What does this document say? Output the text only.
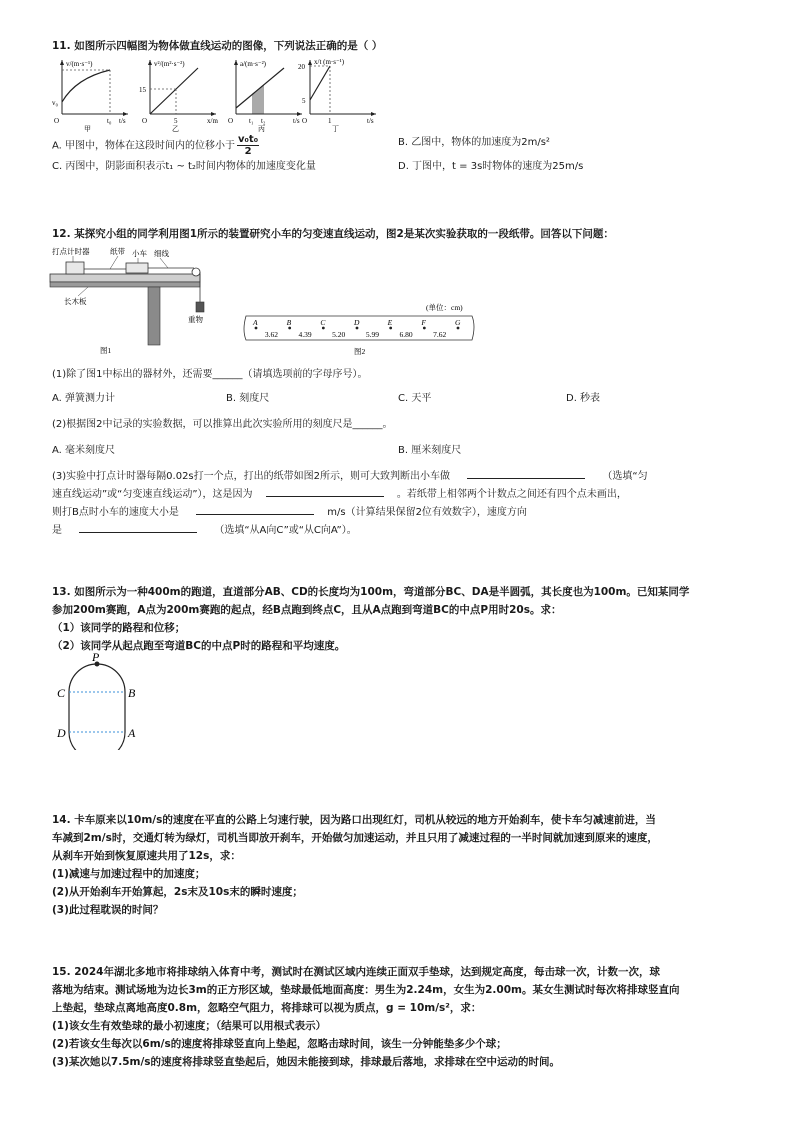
11. 如图所示四幅图为物体做直线运动的图像，下列说法正确的是（ ）
v/(m·s⁻¹)
v₀
t₀ t/s
O
甲
v²/(m²·s⁻²)
15
5	x/m
O
乙
a/(m·s⁻²)
t₁ t₂	t/s
O
丙
x/t (m·s⁻¹)
20
5
1	t/s
O
丁
A. 甲图中，物体在这段时间内的位移小于 $\frac{\text{v₀t₀}}{2}$	B. 乙图中，物体的加速度为2m/s²
C. 丙图中，阴影面积表示t₁ ~ t₂时间内物体的加速度变化量	D. 丁图中，t = 3s时物体的速度为25m/s
12. 某探究小组的同学利用图1所示的装置研究小车的匀变速直线运动，图2是某次实验获取的一段纸带。回答以下问题：
打点计时器	纸带 小车 细线
长木板
重物
图1
(单位：cm)
A	B	C	D	E	F	G
3.62	4.39	5.20	5.99	6.80	7.62
图2
(1)除了图1中标出的器材外，还需要______（请填选项前的字母序号）。
A. 弹簧测力计	B. 刻度尺	C. 天平	D. 秒表
(2)根据图2中记录的实验数据，可以推算出此次实验所用的刻度尺是______。
A. 毫米刻度尺	B. 厘米刻度尺
(3)实验中打点计时器每隔0.02s打一个点，打出的纸带如图2所示，则可大致判断出小车做	（选填“匀
速直线运动”或“匀变速直线运动”），这是因为	。若纸带上相邻两个计数点之间还有四个点未画出，
则打B点时小车的速度大小是	m/s（计算结果保留2位有效数字），速度方向
是	（选填“从A向C”或“从C向A”）。
13. 如图所示为一种400m的跑道，直道部分AB、CD的长度均为100m，弯道部分BC、DA是半圆弧，其长度也为100m。已知某同学
参加200m赛跑，A点为200m赛跑的起点，经B点跑到终点C，且从A点跑到弯道BC的中点P用时20s。求：
（1）该同学的路程和位移；
（2）该同学从起点跑至弯道BC的中点P时的路程和平均速度。
P
C	B
D	A
14. 卡车原来以10m/s的速度在平直的公路上匀速行驶，因为路口出现红灯，司机从较远的地方开始刹车，使卡车匀减速前进，当
车减到2m/s时，交通灯转为绿灯，司机当即放开刹车，开始做匀加速运动，并且只用了减速过程的一半时间就加速到原来的速度，
从刹车开始到恢复原速共用了12s，求：
(1)减速与加速过程中的加速度；
(2)从开始刹车开始算起，2s末及10s末的瞬时速度；
(3)此过程耽误的时间？
15. 2024年湖北多地市将排球纳入体育中考，测试时在测试区域内连续正面双手垫球，达到规定高度，每击球一次，计数一次，球
落地为结束。测试场地为边长3m的正方形区域，垫球最低地面高度：男生为2.24m，女生为2.00m。某女生测试时每次将排球竖直向
上垫起，垫球点离地高度0.8m，忽略空气阻力，将排球可以视为质点，g = 10m/s²，求：
(1)该女生有效垫球的最小初速度；（结果可以用根式表示）
(2)若该女生每次以6m/s的速度将排球竖直向上垫起，忽略击球时间，该生一分钟能垫多少个球；
(3)某次她以7.5m/s的速度将排球竖直垫起后，她因未能接到球，排球最后落地，求排球在空中运动的时间。
